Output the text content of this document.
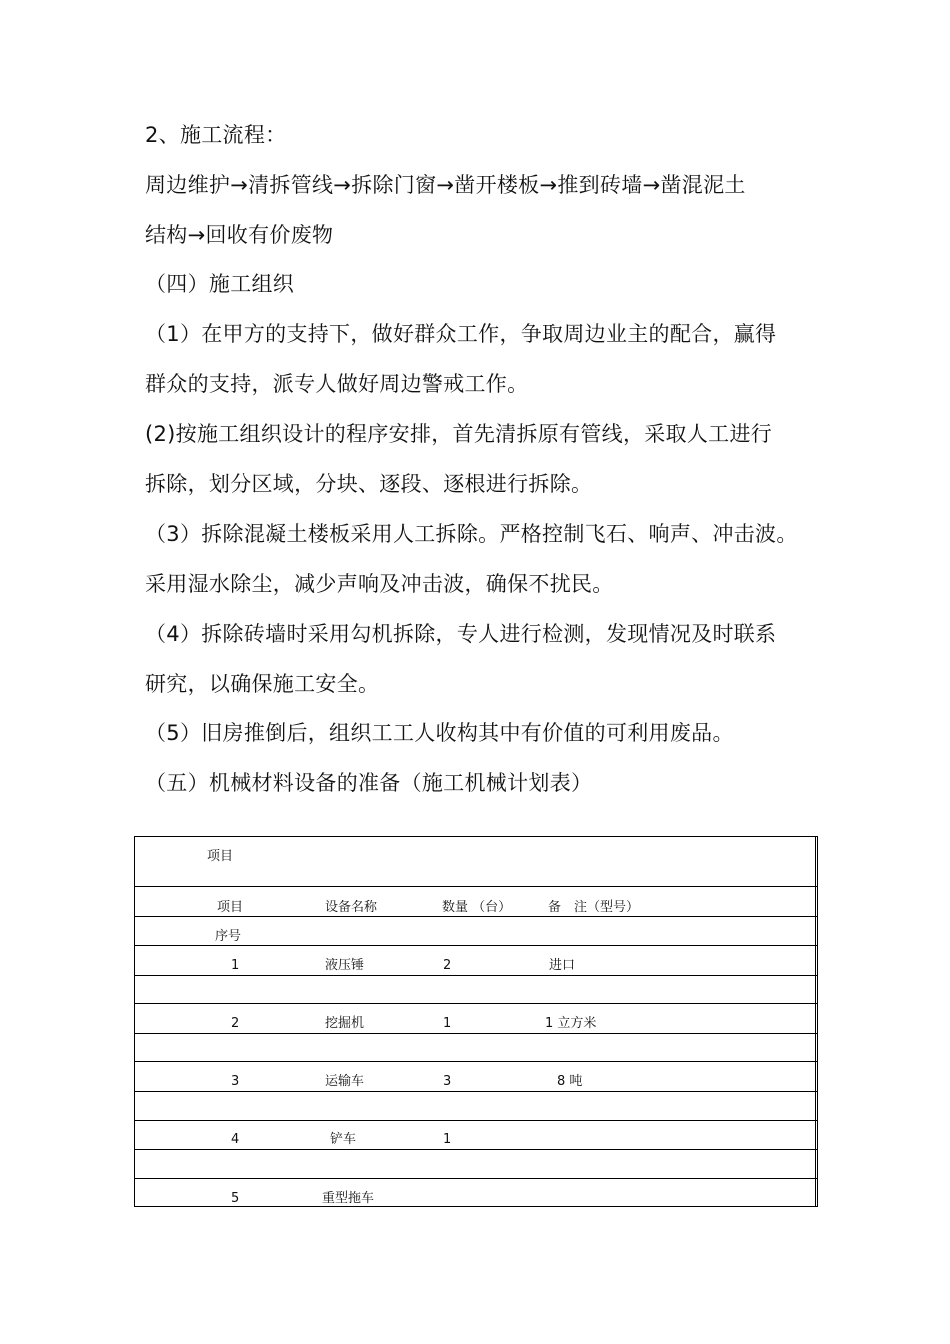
2、施工流程：
周边维护→清拆管线→拆除门窗→凿开楼板→推到砖墙→凿混泥土
结构→回收有价废物
（四）施工组织
（1）在甲方的支持下，做好群众工作，争取周边业主的配合，赢得
群众的支持，派专人做好周边警戒工作。
(2)按施工组织设计的程序安排，首先清拆原有管线，采取人工进行
拆除，划分区域，分块、逐段、逐根进行拆除。
（3）拆除混凝土楼板采用人工拆除。严格控制飞石、响声、冲击波。
采用湿水除尘，减少声响及冲击波，确保不扰民。
（4）拆除砖墙时采用勾机拆除，专人进行检测，发现情况及时联系
研究，以确保施工安全。
（5）旧房推倒后，组织工工人收构其中有价值的可利用废品。
（五）机械材料设备的准备（施工机械计划表）
项目
项目	设备名称	数量 （台）	备　注（型号）
序号
1	液压锤	2	进口
2	挖掘机	1	1 立方米
3	运输车	3	8 吨
4	铲车	1
5	重型拖车
